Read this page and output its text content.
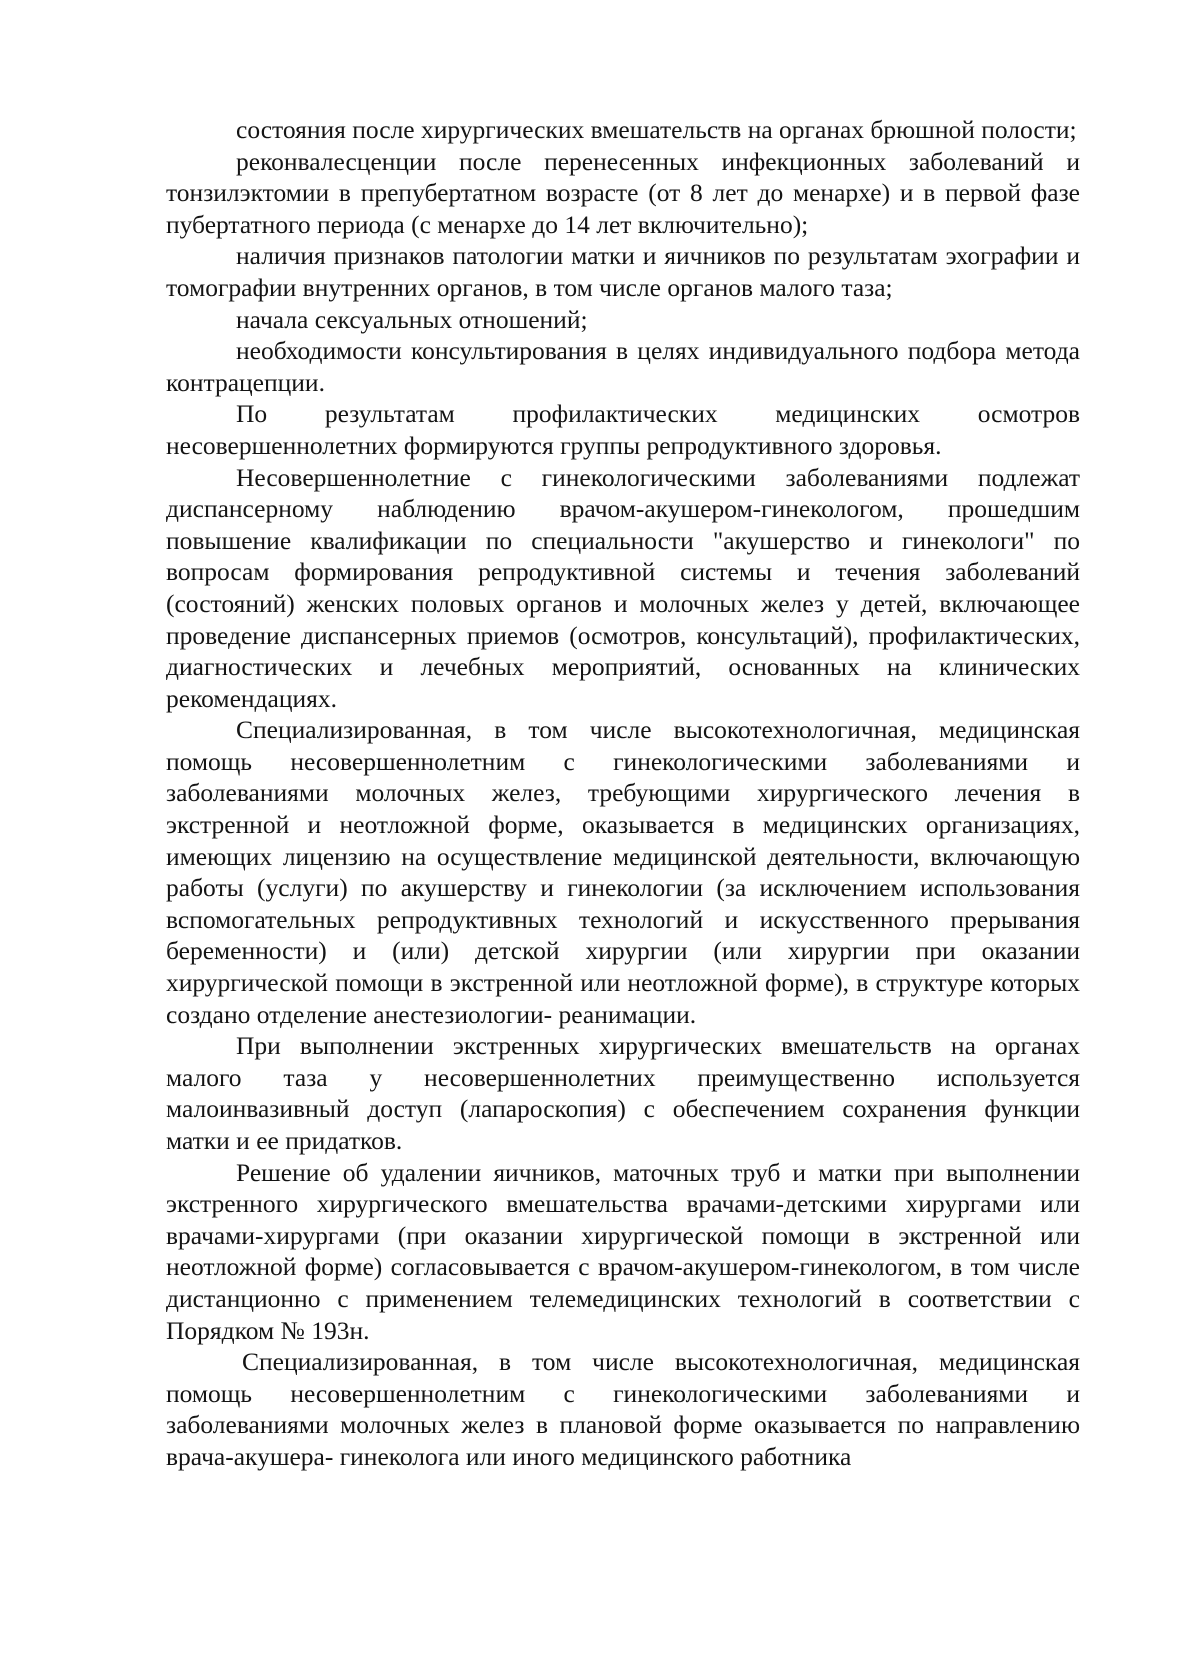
состояния после хирургических вмешательств на органах брюшной полости;

реконвалесценции после перенесенных инфекционных заболеваний и тонзилэктомии в препубертатном возрасте (от 8 лет до менархе) и в первой фазе пубертатного периода (с менархе до 14 лет включительно);

наличия признаков патологии матки и яичников по результатам эхографии и томографии внутренних органов, в том числе органов малого таза;

начала сексуальных отношений;

необходимости консультирования в целях индивидуального подбора метода контрацепции.

По результатам профилактических медицинских осмотров несовершеннолетних формируются группы репродуктивного здоровья.

Несовершеннолетние с гинекологическими заболеваниями подлежат диспансерному наблюдению врачом-акушером-гинекологом, прошедшим повышение квалификации по специальности "акушерство и гинекологи" по вопросам формирования репродуктивной системы и течения заболеваний (состояний) женских половых органов и молочных желез у детей, включающее проведение диспансерных приемов (осмотров, консультаций), профилактических, диагностических и лечебных мероприятий, основанных на клинических рекомендациях.

Специализированная, в том числе высокотехнологичная, медицинская помощь несовершеннолетним с гинекологическими заболеваниями и заболеваниями молочных желез, требующими хирургического лечения в экстренной и неотложной форме, оказывается в медицинских организациях, имеющих лицензию на осуществление медицинской деятельности, включающую работы (услуги) по акушерству и гинекологии (за исключением использования вспомогательных репродуктивных технологий и искусственного прерывания беременности) и (или) детской хирургии (или хирургии при оказании хирургической помощи в экстренной или неотложной форме), в структуре которых создано отделение анестезиологии- реанимации.

При выполнении экстренных хирургических вмешательств на органах малого таза у несовершеннолетних преимущественно используется малоинвазивный доступ (лапароскопия) с обеспечением сохранения функции матки и ее придатков.

Решение об удалении яичников, маточных труб и матки при выполнении экстренного хирургического вмешательства врачами-детскими хирургами или врачами-хирургами (при оказании хирургической помощи в экстренной или неотложной форме) согласовывается с врачом-акушером-гинекологом, в том числе дистанционно с применением телемедицинских технологий в соответствии с Порядком № 193н.

Специализированная, в том числе высокотехнологичная, медицинская помощь несовершеннолетним с гинекологическими заболеваниями и заболеваниями молочных желез в плановой форме оказывается по направлению врача-акушера- гинеколога или иного медицинского работника
